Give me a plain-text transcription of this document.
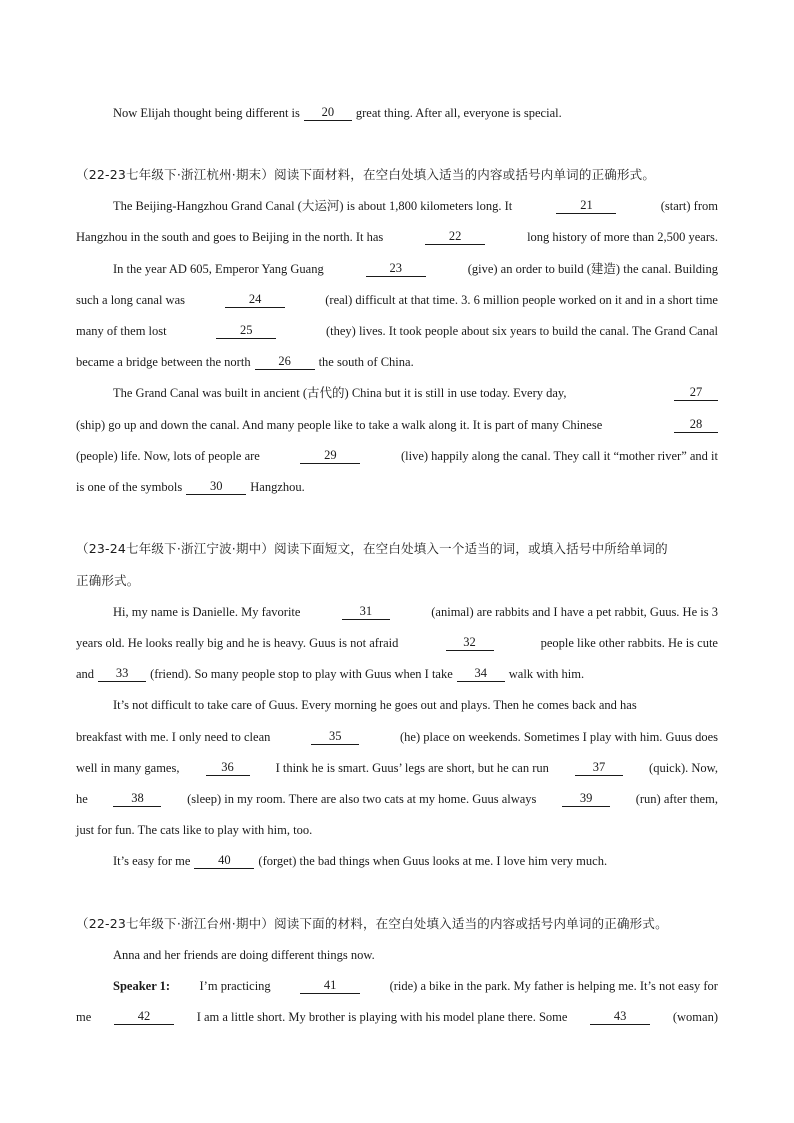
Now Elijah thought being different is	20	great thing. After all, everyone is special.

（22-23七年级下·浙江杭州·期末）阅读下面材料，在空白处填入适当的内容或括号内单词的正确形式。

The Beijing-Hangzhou Grand Canal (大运河) is about 1,800 kilometers long. It	21	(start) from

Hangzhou in the south and goes to Beijing in the north. It has	22	long history of more than 2,500 years.

In the year AD 605, Emperor Yang Guang	23	(give) an order to build (建造) the canal. Building

such a long canal was	24	(real) difficult at that time. 3. 6 million people worked on it and in a short time

many of them lost	25	(they) lives. It took people about six years to build the canal. The Grand Canal

became a bridge between the north	26	the south of China.

The Grand Canal was built in ancient (古代的) China but it is still in use today. Every day,	27

(ship) go up and down the canal. And many people like to take a walk along it. It is part of many Chinese	28

(people) life. Now, lots of people are	29	(live) happily along the canal. They call it “mother river” and it

is one of the symbols	30	Hangzhou.

（23-24七年级下·浙江宁波·期中）阅读下面短文，在空白处填入一个适当的词，或填入括号中所给单词的

正确形式。

Hi, my name is Danielle. My favorite	31	(animal) are rabbits and I have a pet rabbit, Guus. He is 3

years old. He looks really big and he is heavy. Guus is not afraid	32	people like other rabbits. He is cute

and	33	(friend). So many people stop to play with Guus when I take	34	walk with him.

It’s not difficult to take care of Guus. Every morning he goes out and plays. Then he comes back and has

breakfast with me. I only need to clean	35	(he) place on weekends. Sometimes I play with him. Guus does

well in many games,	36	I think he is smart. Guus’ legs are short, but he can run	37	(quick). Now,

he	38	(sleep) in my room. There are also two cats at my home. Guus always	39	(run) after them,

just for fun. The cats like to play with him, too.

It’s easy for me	40	(forget) the bad things when Guus looks at me. I love him very much.

（22-23七年级下·浙江台州·期中）阅读下面的材料，在空白处填入适当的内容或括号内单词的正确形式。

Anna and her friends are doing different things now.

Speaker 1: I’m practicing	41	(ride) a bike in the park. My father is helping me. It’s not easy for

me	42	I am a little short. My brother is playing with his model plane there. Some	43	(woman)
